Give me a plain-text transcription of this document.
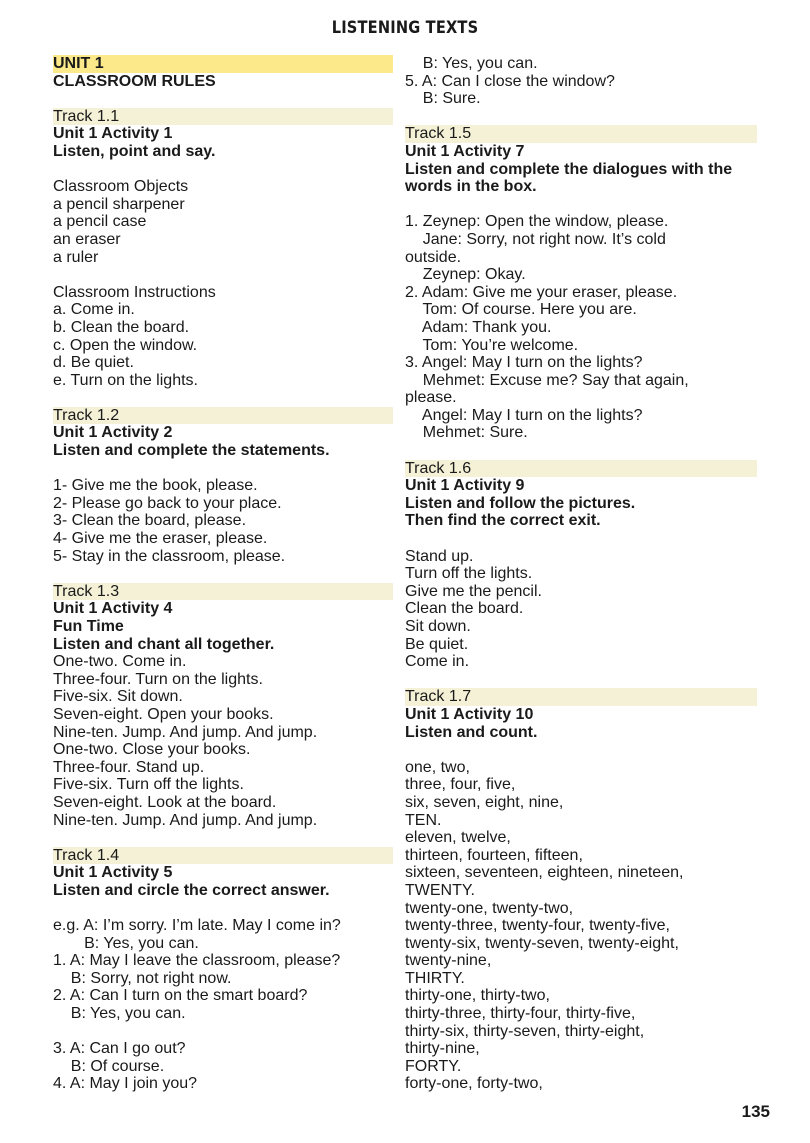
LISTENING TEXTS
UNIT 1
CLASSROOM RULES
Track 1.1
Unit 1 Activity 1
Listen, point and say.
Classroom Objects
a pencil sharpener
a pencil case
an eraser
a ruler
Classroom Instructions
a. Come in.
b. Clean the board.
c. Open the window.
d. Be quiet.
e. Turn on the lights.
Track 1.2
Unit 1 Activity 2
Listen and complete the statements.
1- Give me the book, please.
2- Please go back to your place.
3- Clean the board, please.
4- Give me the eraser, please.
5- Stay in the classroom, please.
Track 1.3
Unit 1 Activity 4
Fun Time
Listen and chant all together.
One-two. Come in.
Three-four. Turn on the lights.
Five-six. Sit down.
Seven-eight. Open your books.
Nine-ten. Jump. And jump. And jump.
One-two. Close your books.
Three-four. Stand up.
Five-six. Turn off the lights.
Seven-eight. Look at the board.
Nine-ten. Jump. And jump. And jump.
Track 1.4
Unit 1 Activity 5
Listen and circle the correct answer.
e.g. A: I’m sorry. I’m late. May I come in?
B: Yes, you can.
1. A: May I leave the classroom, please?
B: Sorry, not right now.
2. A: Can I turn on the smart board?
B: Yes, you can.
3. A: Can I go out?
B: Of course.
4. A: May I join you?
B: Yes, you can.
5. A: Can I close the window?
B: Sure.
Track 1.5
Unit 1 Activity 7
Listen and complete the dialogues with the
words in the box.
1. Zeynep: Open the window, please.
Jane: Sorry, not right now. It’s cold
outside.
Zeynep: Okay.
2. Adam: Give me your eraser, please.
Tom: Of course. Here you are.
Adam: Thank you.
Tom: You’re welcome.
3. Angel: May I turn on the lights?
Mehmet: Excuse me? Say that again,
please.
Angel: May I turn on the lights?
Mehmet: Sure.
Track 1.6
Unit 1 Activity 9
Listen and follow the pictures.
Then find the correct exit.
Stand up.
Turn off the lights.
Give me the pencil.
Clean the board.
Sit down.
Be quiet.
Come in.
Track 1.7
Unit 1 Activity 10
Listen and count.
one, two,
three, four, five,
six, seven, eight, nine,
TEN.
eleven, twelve,
thirteen, fourteen, fifteen,
sixteen, seventeen, eighteen, nineteen,
TWENTY.
twenty-one, twenty-two,
twenty-three, twenty-four, twenty-five,
twenty-six, twenty-seven, twenty-eight,
twenty-nine,
THIRTY.
thirty-one, thirty-two,
thirty-three, thirty-four, thirty-five,
thirty-six, thirty-seven, thirty-eight,
thirty-nine,
FORTY.
forty-one, forty-two,
135
